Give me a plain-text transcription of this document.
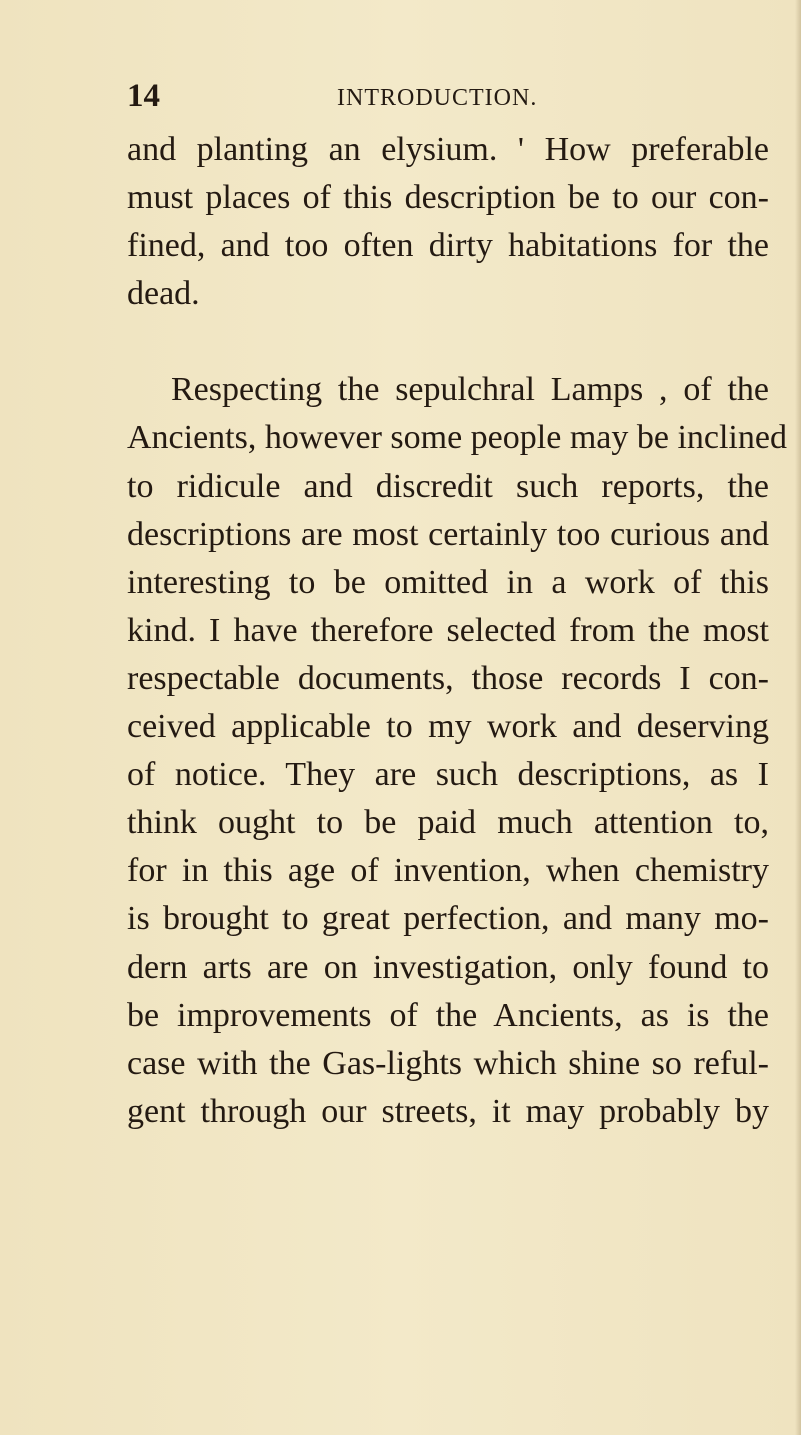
14	INTRODUCTION.
and planting an elysium. ' How preferable
must places of this description be to our con-
fined, and too often dirty habitations for the
dead.
Respecting the sepulchral Lamps , of the
Ancients, however some people may be inclined
to ridicule and discredit such reports, the
descriptions are most certainly too curious and
interesting to be omitted in a work of this
kind. I have therefore selected from the most
respectable documents, those records I con-
ceived applicable to my work and deserving
of notice. They are such descriptions, as I
think ought to be paid much attention to,
for in this age of invention, when chemistry
is brought to great perfection, and many mo-
dern arts are on investigation, only found to
be improvements of the Ancients, as is the
case with the Gas-lights which shine so reful-
gent through our streets, it may probably by
